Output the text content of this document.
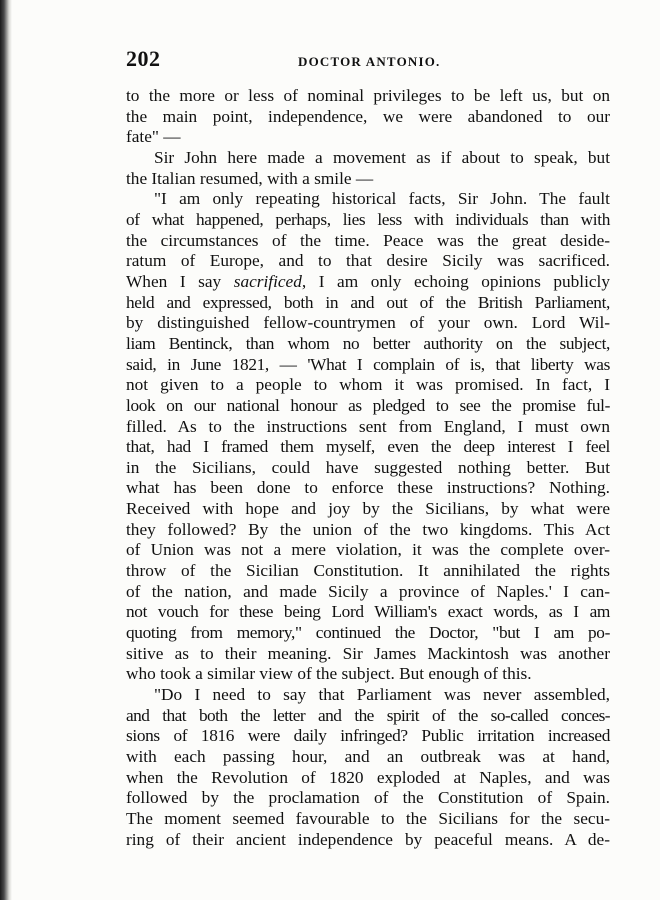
202	DOCTOR ANTONIO.
to the more or less of nominal privileges to be left us, but on
the main point, independence, we were abandoned to our
fate" —
Sir John here made a movement as if about to speak, but
the Italian resumed, with a smile —
"I am only repeating historical facts, Sir John. The fault
of what happened, perhaps, lies less with individuals than with
the circumstances of the time. Peace was the great deside-
ratum of Europe, and to that desire Sicily was sacrificed.
When I say sacrificed, I am only echoing opinions publicly
held and expressed, both in and out of the British Parliament,
by distinguished fellow-countrymen of your own. Lord Wil-
liam Bentinck, than whom no better authority on the subject,
said, in June 1821, — 'What I complain of is, that liberty was
not given to a people to whom it was promised. In fact, I
look on our national honour as pledged to see the promise ful-
filled. As to the instructions sent from England, I must own
that, had I framed them myself, even the deep interest I feel
in the Sicilians, could have suggested nothing better. But
what has been done to enforce these instructions? Nothing.
Received with hope and joy by the Sicilians, by what were
they followed? By the union of the two kingdoms. This Act
of Union was not a mere violation, it was the complete over-
throw of the Sicilian Constitution. It annihilated the rights
of the nation, and made Sicily a province of Naples.' I can-
not vouch for these being Lord William's exact words, as I am
quoting from memory," continued the Doctor, "but I am po-
sitive as to their meaning. Sir James Mackintosh was another
who took a similar view of the subject. But enough of this.
"Do I need to say that Parliament was never assembled,
and that both the letter and the spirit of the so-called conces-
sions of 1816 were daily infringed? Public irritation increased
with each passing hour, and an outbreak was at hand,
when the Revolution of 1820 exploded at Naples, and was
followed by the proclamation of the Constitution of Spain.
The moment seemed favourable to the Sicilians for the secu-
ring of their ancient independence by peaceful means. A de-
